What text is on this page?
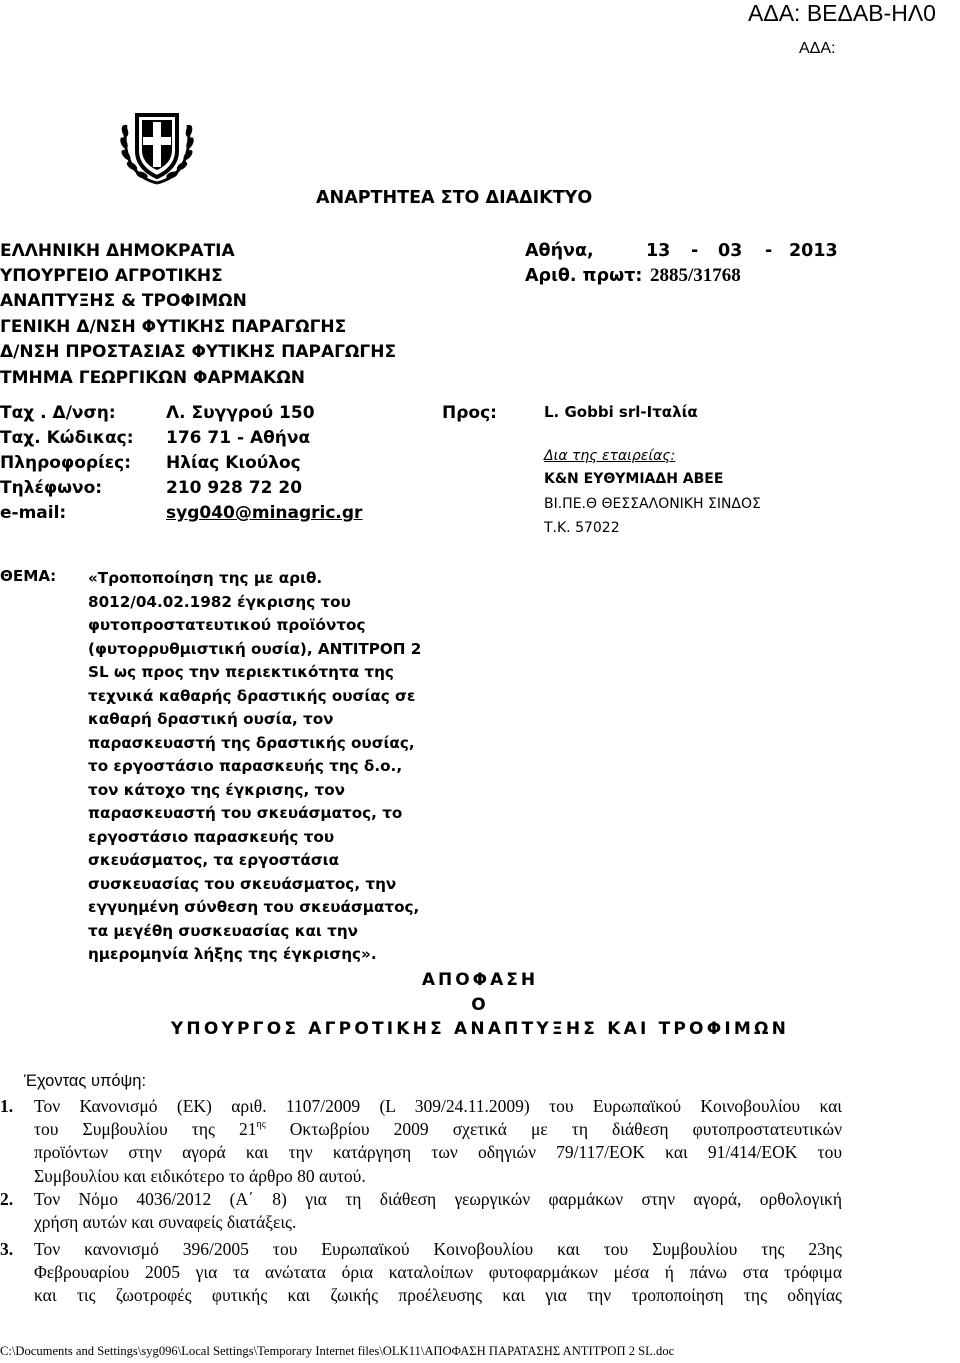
ΑΔΑ: ΒΕΔΑΒ-ΗΛ0
ΑΔΑ:
ΑΝΑΡΤΗΤΕΑ ΣΤΟ ΔΙΑΔΙΚΤΥΟ
ΕΛΛΗΝΙΚΗ ΔΗΜΟΚΡΑΤΙΑ
ΥΠΟΥΡΓΕΙΟ ΑΓΡΟΤΙΚΗΣ
ΑΝΑΠΤΥΞΗΣ & ΤΡΟΦΙΜΩΝ
ΓΕΝΙΚΗ Δ/ΝΣΗ ΦΥΤΙΚΗΣ ΠΑΡΑΓΩΓΗΣ
Δ/ΝΣΗ ΠΡΟΣΤΑΣΙΑΣ ΦΥΤΙΚΗΣ ΠΑΡΑΓΩΓΗΣ
ΤΜΗΜΑ ΓΕΩΡΓΙΚΩΝ ΦΑΡΜΑΚΩΝ
Αθήνα,	13 - 03 - 2013
Αριθ. πρωτ: 2885/31768
Ταχ . Δ/νση:	Λ. Συγγρού 150
Ταχ. Κώδικας: 176 71 - Αθήνα
Πληροφορίες: Ηλίας Κιούλος
Τηλέφωνο:	210 928 72 20
e-mail:	syg040@minagric.gr
Προς:	L. Gobbi srl-Ιταλία
Δια της εταιρείας:
Κ&Ν ΕΥΘΥΜΙΑΔΗ ΑΒΕΕ
ΒΙ.ΠΕ.Θ ΘΕΣΣΑΛΟΝΙΚΗ ΣΙΝΔΟΣ
Τ.Κ. 57022
ΘΕΜΑ: «Τροποποίηση της με αριθ. 8012/04.02.1982 έγκρισης του φυτοπροστατευτικού προϊόντος (φυτορρυθμιστική ουσία), ΑΝΤΙΤΡΟΠ 2 SL ως προς την περιεκτικότητα της τεχνικά καθαρής δραστικής ουσίας σε καθαρή δραστική ουσία, τον παρασκευαστή της δραστικής ουσίας, το εργοστάσιο παρασκευής της δ.ο., τον κάτοχο της έγκρισης, τον παρασκευαστή του σκευάσματος, το εργοστάσιο παρασκευής του σκευάσματος, τα εργοστάσια συσκευασίας του σκευάσματος, την εγγυημένη σύνθεση του σκευάσματος, τα μεγέθη συσκευασίας και την ημερομηνία λήξης της έγκρισης».
ΑΠΟΦΑΣΗ
Ο
ΥΠΟΥΡΓΟΣ ΑΓΡΟΤΙΚΗΣ ΑΝΑΠΤΥΞΗΣ ΚΑΙ ΤΡΟΦΙΜΩΝ
Έχοντας υπόψη:
1. Τον Κανονισμό (ΕΚ) αριθ. 1107/2009 (L 309/24.11.2009) του Ευρωπαϊκού Κοινοβουλίου και
του Συμβουλίου της $21^{\eta\varsigma}$ Οκτωβρίου 2009 σχετικά με τη διάθεση φυτοπροστατευτικών
προϊόντων στην αγορά και την κατάργηση των οδηγιών 79/117/ΕΟΚ και 91/414/ΕΟΚ του
Συμβουλίου και ειδικότερο το άρθρο 80 αυτού.
2. Τον Νόμο 4036/2012 (Α΄ 8) για τη διάθεση γεωργικών φαρμάκων στην αγορά, ορθολογική
χρήση αυτών και συναφείς διατάξεις.
3. Τον κανονισμό 396/2005 του Ευρωπαϊκού Κοινοβουλίου και του Συμβουλίου της 23ης
Φεβρουαρίου 2005 για τα ανώτατα όρια καταλοίπων φυτοφαρμάκων μέσα ή πάνω στα τρόφιμα
και τις ζωοτροφές φυτικής και ζωικής προέλευσης και για την τροποποίηση της οδηγίας
C:\Documents and Settings\syg096\Local Settings\Temporary Internet files\OLK11\ΑΠΟΦΑΣΗ ΠΑΡΑΤΑΣΗΣ ΑΝΤΙΤΡΟΠ 2 SL.doc
